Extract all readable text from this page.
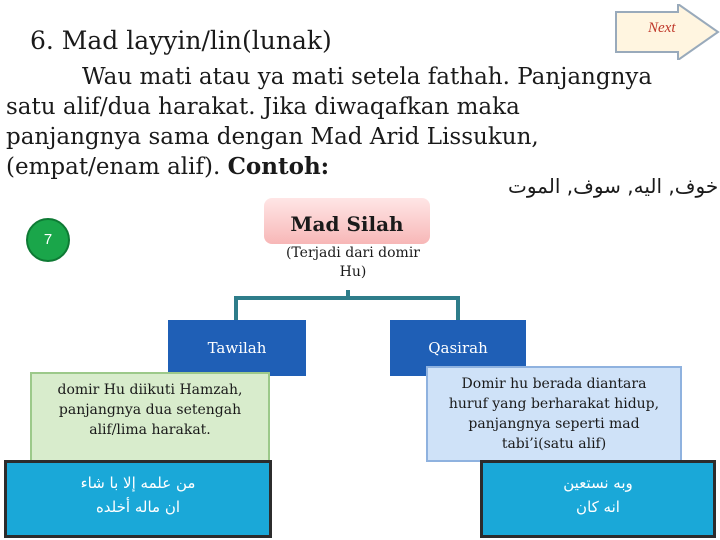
Next
6. Mad layyin/lin(lunak)
Wau mati atau ya mati setela fathah. Panjangnya
satu alif/dua harakat. Jika diwaqafkan maka
panjangnya sama dengan Mad Arid Lissukun,
(empat/enam alif). Contoh:
خوف, اليه, سوف, الموت
7
Mad Silah
(Terjadi dari domir
Hu)
Tawilah	Qasirah
domir Hu diikuti Hamzah,
panjangnya dua setengah
alif/lima harakat.
Domir hu berada diantara
huruf yang berharakat hidup,
panjangnya seperti mad
tabi’i(satu alif)
من علمه إلا با شاء
ان ماله أخلده
وبه نستعين
انه كان
